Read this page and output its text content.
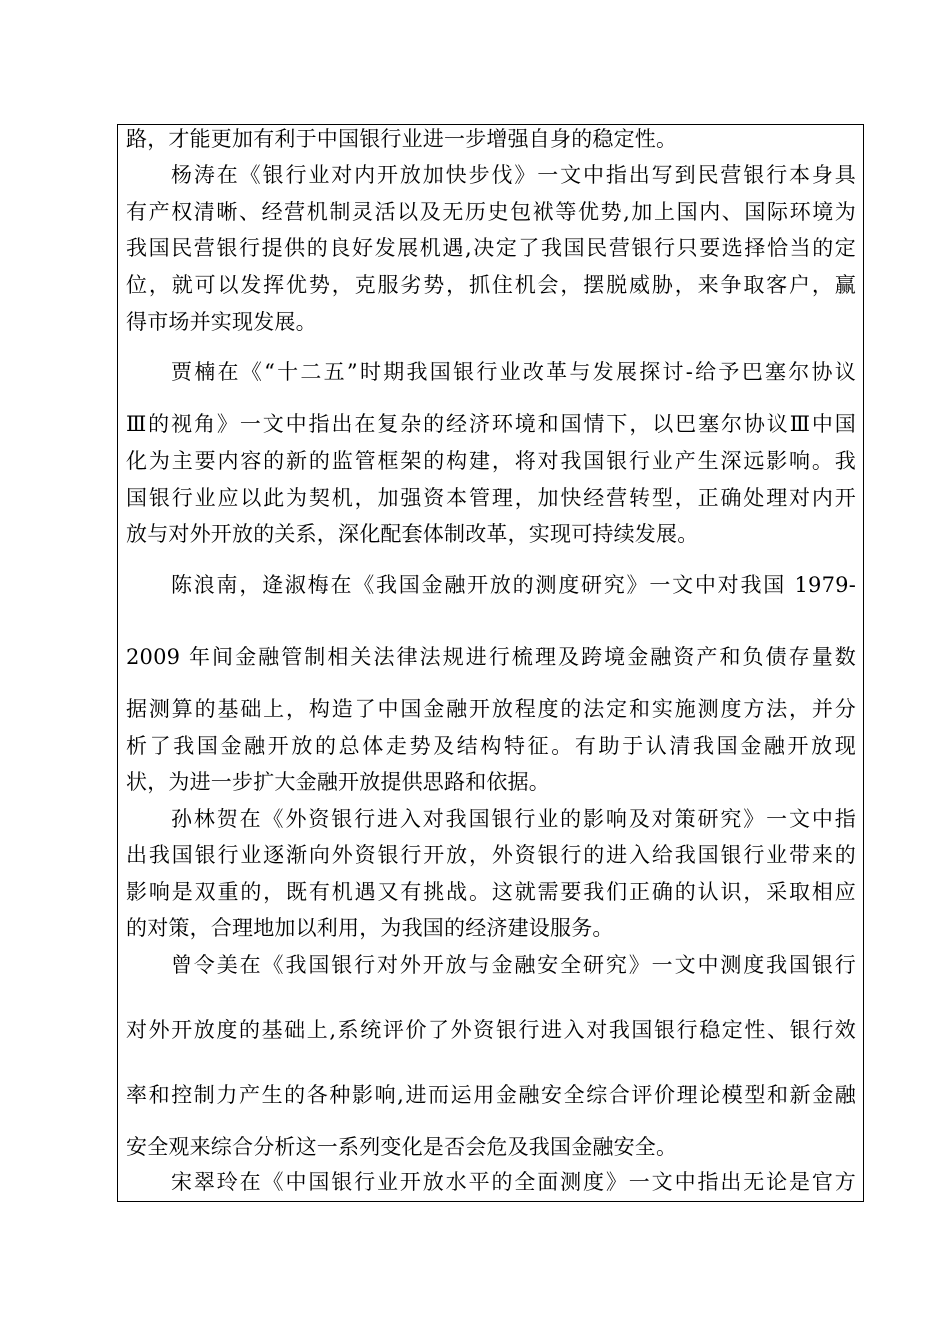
路，才能更加有利于中国银行业进一步增强自身的稳定性。
杨涛在《银行业对内开放加快步伐》一文中指出写到民营银行本身具
有产权清晰、经营机制灵活以及无历史包袱等优势,加上国内、国际环境为
我国民营银行提供的良好发展机遇,决定了我国民营银行只要选择恰当的定
位，就可以发挥优势，克服劣势，抓住机会，摆脱威胁，来争取客户，赢
得市场并实现发展。
贾楠在《“十二五”时期我国银行业改革与发展探讨-给予巴塞尔协议
Ⅲ的视角》一文中指出在复杂的经济环境和国情下，以巴塞尔协议Ⅲ中国
化为主要内容的新的监管框架的构建，将对我国银行业产生深远影响。我
国银行业应以此为契机，加强资本管理，加快经营转型，正确处理对内开
放与对外开放的关系，深化配套体制改革，实现可持续发展。
陈浪南，逄淑梅在《我国金融开放的测度研究》一文中对我国 1979-
2009 年间金融管制相关法律法规进行梳理及跨境金融资产和负债存量数
据测算的基础上，构造了中国金融开放程度的法定和实施测度方法，并分
析了我国金融开放的总体走势及结构特征。有助于认清我国金融开放现
状，为进一步扩大金融开放提供思路和依据。
孙林贺在《外资银行进入对我国银行业的影响及对策研究》一文中指
出我国银行业逐渐向外资银行开放，外资银行的进入给我国银行业带来的
影响是双重的，既有机遇又有挑战。这就需要我们正确的认识，采取相应
的对策，合理地加以利用，为我国的经济建设服务。
曾令美在《我国银行对外开放与金融安全研究》一文中测度我国银行
对外开放度的基础上,系统评价了外资银行进入对我国银行稳定性、银行效
率和控制力产生的各种影响,进而运用金融安全综合评价理论模型和新金融
安全观来综合分析这一系列变化是否会危及我国金融安全。
宋翠玲在《中国银行业开放水平的全面测度》一文中指出无论是官方
